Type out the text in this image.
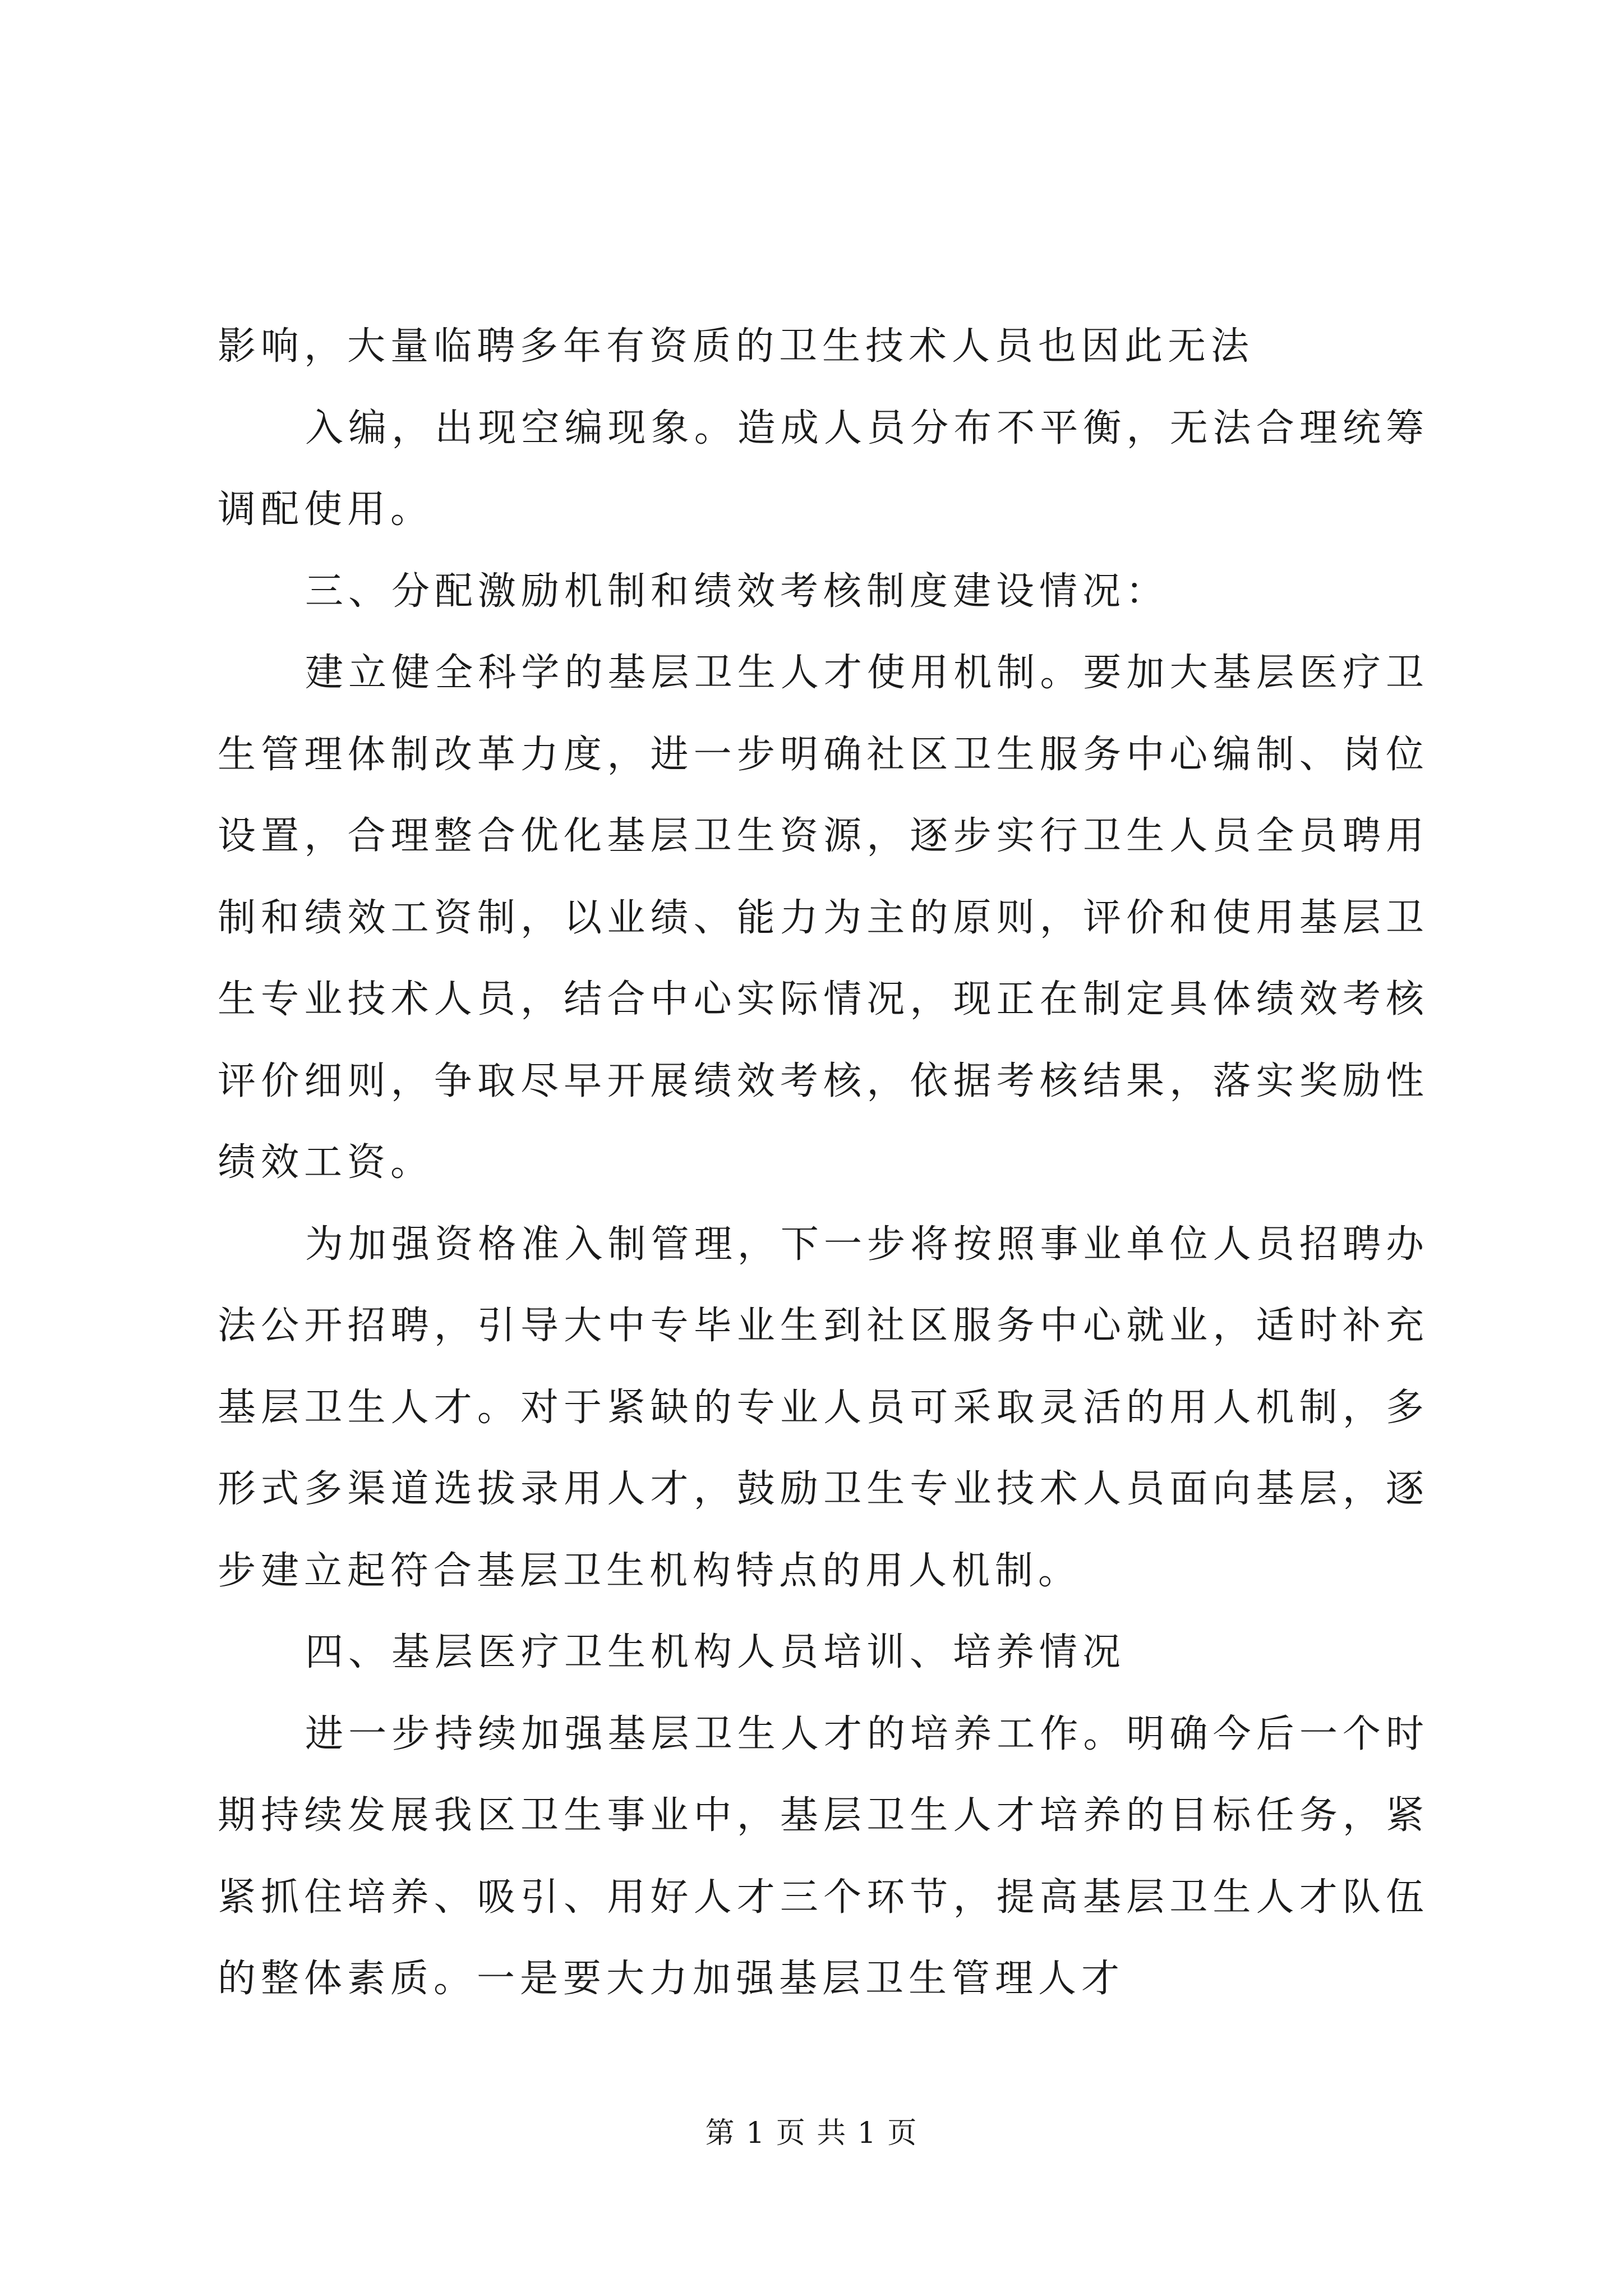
影响，大量临聘多年有资质的卫生技术人员也因此无法

入编，出现空编现象。造成人员分布不平衡，无法合理统筹调配使用。

三、分配激励机制和绩效考核制度建设情况：

建立健全科学的基层卫生人才使用机制。要加大基层医疗卫生管理体制改革力度，进一步明确社区卫生服务中心编制、岗位设置，合理整合优化基层卫生资源，逐步实行卫生人员全员聘用制和绩效工资制，以业绩、能力为主的原则，评价和使用基层卫生专业技术人员，结合中心实际情况，现正在制定具体绩效考核评价细则，争取尽早开展绩效考核，依据考核结果，落实奖励性绩效工资。

为加强资格准入制管理，下一步将按照事业单位人员招聘办法公开招聘，引导大中专毕业生到社区服务中心就业，适时补充基层卫生人才。对于紧缺的专业人员可采取灵活的用人机制，多形式多渠道选拔录用人才，鼓励卫生专业技术人员面向基层，逐步建立起符合基层卫生机构特点的用人机制。

四、基层医疗卫生机构人员培训、培养情况

进一步持续加强基层卫生人才的培养工作。明确今后一个时期持续发展我区卫生事业中，基层卫生人才培养的目标任务，紧紧抓住培养、吸引、用好人才三个环节，提高基层卫生人才队伍的整体素质。一是要大力加强基层卫生管理人才

第 1 页 共 1 页
